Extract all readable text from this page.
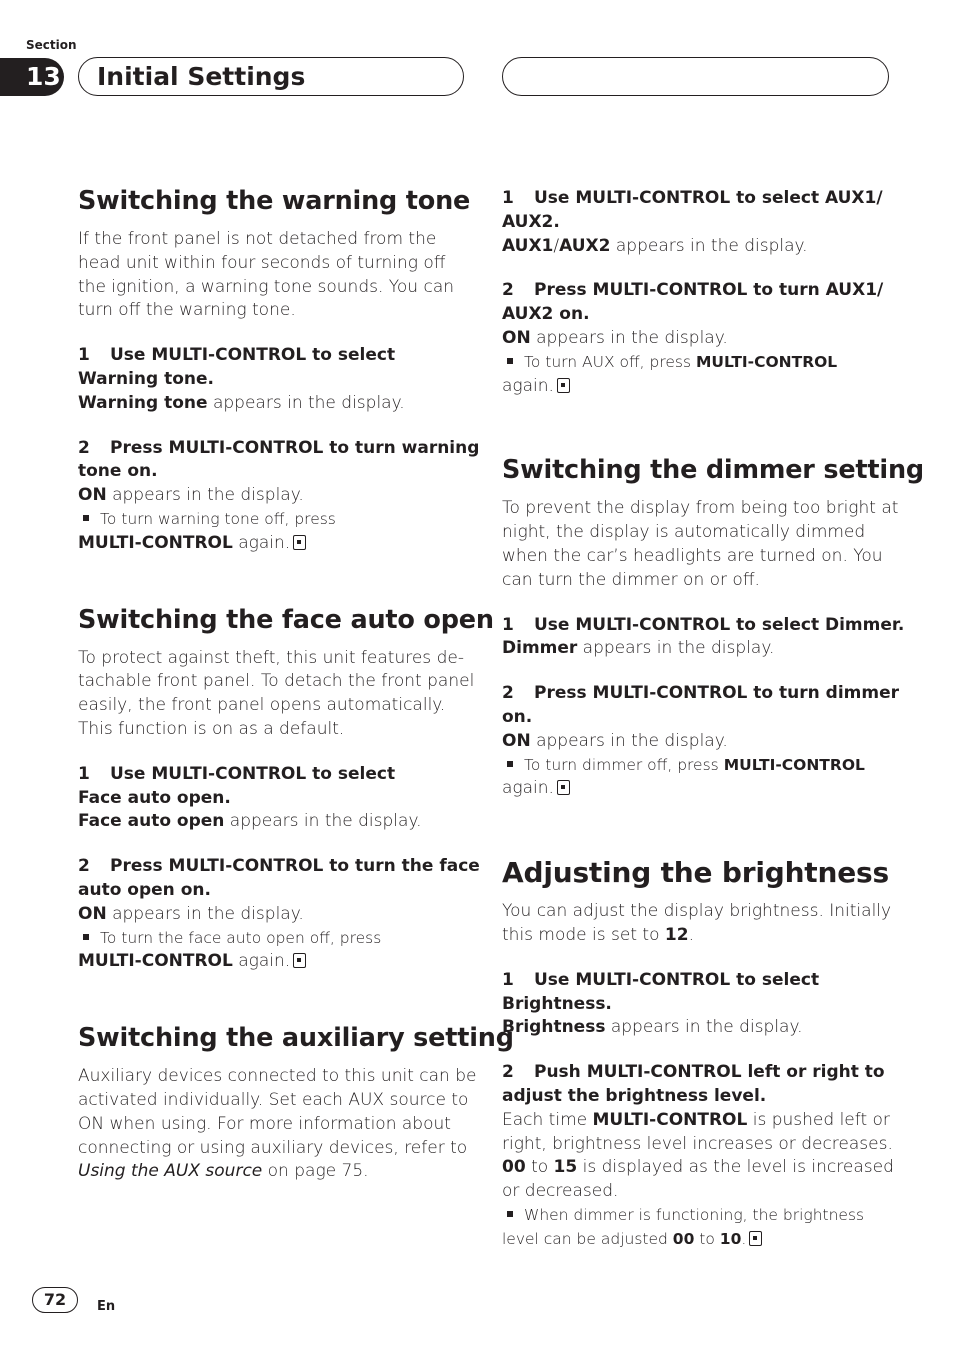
Section
13	Initial Settings
Switching the warning tone

If the front panel is not detached from the

head unit within four seconds of turning off

the ignition, a warning tone sounds. You can

turn off the warning tone.

1 Use MULTI-CONTROL to select

Warning tone.

Warning tone appears in the display.

2 Press MULTI-CONTROL to turn warning

tone on.

ON appears in the display.

To turn warning tone off, press

MULTI-CONTROL again.

Switching the face auto open

To protect against theft, this unit features de-

tachable front panel. To detach the front panel

easily, the front panel opens automatically.

This function is on as a default.

1 Use MULTI-CONTROL to select

Face auto open.

Face auto open appears in the display.

2 Press MULTI-CONTROL to turn the face

auto open on.

ON appears in the display.

To turn the face auto open off, press

MULTI-CONTROL again.

Switching the auxiliary setting

Auxiliary devices connected to this unit can be

activated individually. Set each AUX source to

ON when using. For more information about

connecting or using auxiliary devices, refer to

Using the AUX source on page 75.

1 Use MULTI-CONTROL to select AUX1/

AUX2.

AUX1/AUX2 appears in the display.

2 Press MULTI-CONTROL to turn AUX1/

AUX2 on.

ON appears in the display.

To turn AUX off, press MULTI-CONTROL

again.

Switching the dimmer setting

To prevent the display from being too bright at

night, the display is automatically dimmed

when the car’s headlights are turned on. You

can turn the dimmer on or off.

1 Use MULTI-CONTROL to select Dimmer.

Dimmer appears in the display.

2 Press MULTI-CONTROL to turn dimmer

on.

ON appears in the display.

To turn dimmer off, press MULTI-CONTROL

again.

Adjusting the brightness

You can adjust the display brightness. Initially

this mode is set to 12.

1 Use MULTI-CONTROL to select

Brightness.

Brightness appears in the display.

2 Push MULTI-CONTROL left or right to

adjust the brightness level.

Each time MULTI-CONTROL is pushed left or

right, brightness level increases or decreases.

00 to 15 is displayed as the level is increased

or decreased.

When dimmer is functioning, the brightness

level can be adjusted 00 to 10.

72	En
